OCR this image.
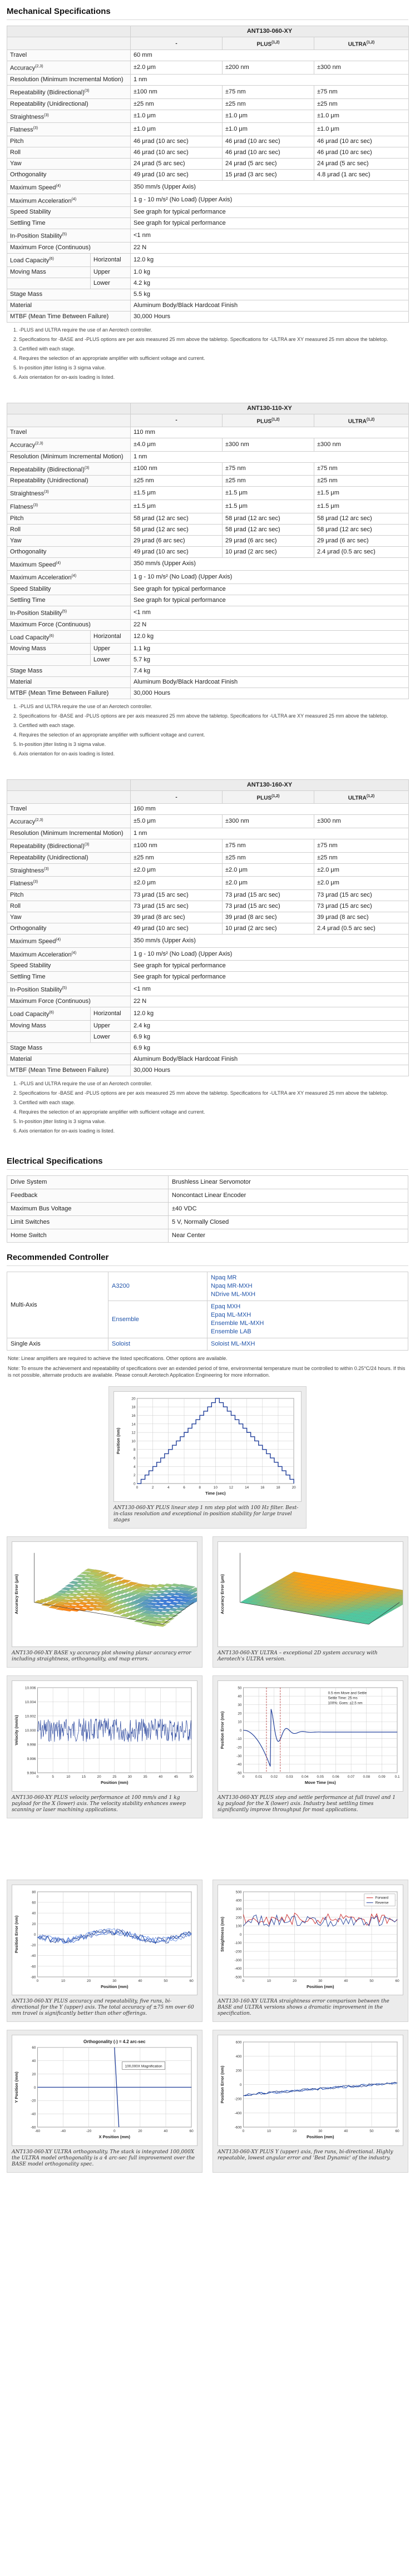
Mechanical Specifications
		ANT130-060-XY		
		-	PLUS$^{(1,2)}$	ULTRA$^{(1,2)}$
Travel		60 mm		
Accuracy$^{(2,3)}$		±2.0 μm	±200 nm	±300 nm
Resolution (Minimum Incremental Motion)		1 nm		
Repeatability (Bidirectional)$^{(3)}$		±100 nm	±75 nm	±75 nm
Repeatability (Unidirectional)		±25 nm	±25 nm	±25 nm
Straightness$^{(3)}$		±1.0 μm	±1.0 μm	±1.0 μm
Flatness$^{(3)}$		±1.0 μm	±1.0 μm	±1.0 μm
Pitch		46 μrad (10 arc sec)	46 μrad (10 arc sec)	46 μrad (10 arc sec)
Roll		46 μrad (10 arc sec)	46 μrad (10 arc sec)	46 μrad (10 arc sec)
Yaw		24 μrad (5 arc sec)	24 μrad (5 arc sec)	24 μrad (5 arc sec)
Orthogonality		49 μrad (10 arc sec)	15 μrad (3 arc sec)	4.8 μrad (1 arc sec)
Maximum Speed$^{(4)}$		350 mm/s (Upper Axis)		
Maximum Acceleration$^{(4)}$		1 g - 10 m/s² (No Load) (Upper Axis)		
Speed Stability		See graph for typical performance		
Settling Time		See graph for typical performance		
In-Position Stability$^{(5)}$		<1 nm		
Maximum Force (Continuous)		22 N		
Load Capacity$^{(6)}$	Horizontal	12.0 kg		
Moving Mass	Upper	1.0 kg		
	Lower	4.2 kg		
Stage Mass		5.5 kg		
Material		Aluminum Body/Black Hardcoat Finish		
MTBF (Mean Time Between Failure)		30,000 Hours		
1. -PLUS and ULTRA require the use of an Aerotech controller.
2. Specifications for -BASE and -PLUS options are per axis measured 25 mm above the tabletop. Specifications for -ULTRA are XY measured 25 mm above the tabletop.
3. Certified with each stage.
4. Requires the selection of an appropriate amplifier with sufficient voltage and current.
5. In-position jitter listing is 3 sigma value.
6. Axis orientation for on-axis loading is listed.
		ANT130-110-XY		
		-	PLUS$^{(1,2)}$	ULTRA$^{(1,2)}$
Travel		110 mm		
Accuracy$^{(2,3)}$		±4.0 μm	±300 nm	±300 nm
Resolution (Minimum Incremental Motion)		1 nm		
Repeatability (Bidirectional)$^{(3)}$		±100 nm	±75 nm	±75 nm
Repeatability (Unidirectional)		±25 nm	±25 nm	±25 nm
Straightness$^{(3)}$		±1.5 μm	±1.5 μm	±1.5 μm
Flatness$^{(3)}$		±1.5 μm	±1.5 μm	±1.5 μm
Pitch		58 μrad (12 arc sec)	58 μrad (12 arc sec)	58 μrad (12 arc sec)
Roll		58 μrad (12 arc sec)	58 μrad (12 arc sec)	58 μrad (12 arc sec)
Yaw		29 μrad (6 arc sec)	29 μrad (6 arc sec)	29 μrad (6 arc sec)
Orthogonality		49 μrad (10 arc sec)	10 μrad (2 arc sec)	2.4 μrad (0.5 arc sec)
Maximum Speed$^{(4)}$		350 mm/s (Upper Axis)		
Maximum Acceleration$^{(4)}$		1 g - 10 m/s² (No Load) (Upper Axis)		
Speed Stability		See graph for typical performance		
Settling Time		See graph for typical performance		
In-Position Stability$^{(5)}$		<1 nm		
Maximum Force (Continuous)		22 N		
Load Capacity$^{(6)}$	Horizontal	12.0 kg		
Moving Mass	Upper	1.1 kg		
	Lower	5.7 kg		
Stage Mass		7.4 kg		
Material		Aluminum Body/Black Hardcoat Finish		
MTBF (Mean Time Between Failure)		30,000 Hours		
1. -PLUS and ULTRA require the use of an Aerotech controller.
2. Specifications for -BASE and -PLUS options are per axis measured 25 mm above the tabletop. Specifications for -ULTRA are XY measured 25 mm above the tabletop.
3. Certified with each stage.
4. Requires the selection of an appropriate amplifier with sufficient voltage and current.
5. In-position jitter listing is 3 sigma value.
6. Axis orientation for on-axis loading is listed.
		ANT130-160-XY		
		-	PLUS$^{(1,2)}$	ULTRA$^{(1,2)}$
Travel		160 mm		
Accuracy$^{(2,3)}$		±5.0 μm	±300 nm	±300 nm
Resolution (Minimum Incremental Motion)		1 nm		
Repeatability (Bidirectional)$^{(3)}$		±100 nm	±75 nm	±75 nm
Repeatability (Unidirectional)		±25 nm	±25 nm	±25 nm
Straightness$^{(3)}$		±2.0 μm	±2.0 μm	±2.0 μm
Flatness$^{(3)}$		±2.0 μm	±2.0 μm	±2.0 μm
Pitch		73 μrad (15 arc sec)	73 μrad (15 arc sec)	73 μrad (15 arc sec)
Roll		73 μrad (15 arc sec)	73 μrad (15 arc sec)	73 μrad (15 arc sec)
Yaw		39 μrad (8 arc sec)	39 μrad (8 arc sec)	39 μrad (8 arc sec)
Orthogonality		49 μrad (10 arc sec)	10 μrad (2 arc sec)	2.4 μrad (0.5 arc sec)
Maximum Speed$^{(4)}$		350 mm/s (Upper Axis)		
Maximum Acceleration$^{(4)}$		1 g - 10 m/s² (No Load) (Upper Axis)		
Speed Stability		See graph for typical performance		
Settling Time		See graph for typical performance		
In-Position Stability$^{(5)}$		<1 nm		
Maximum Force (Continuous)		22 N		
Load Capacity$^{(6)}$	Horizontal	12.0 kg		
Moving Mass	Upper	2.4 kg		
	Lower	6.9 kg		
Stage Mass		6.9 kg		
Material		Aluminum Body/Black Hardcoat Finish		
MTBF (Mean Time Between Failure)		30,000 Hours		
1. -PLUS and ULTRA require the use of an Aerotech controller.
2. Specifications for -BASE and -PLUS options are per axis measured 25 mm above the tabletop. Specifications for -ULTRA are XY measured 25 mm above the tabletop.
3. Certified with each stage.
4. Requires the selection of an appropriate amplifier with sufficient voltage and current.
5. In-position jitter listing is 3 sigma value.
6. Axis orientation for on-axis loading is listed.
Electrical Specifications
Drive System	Brushless Linear Servomotor
Feedback	Noncontact Linear Encoder
Maximum Bus Voltage	±40 VDC
Limit Switches	5 V, Normally Closed
Home Switch	Near Center
Recommended Controller
Multi-Axis	A3200	Npaq MR
Npaq MR-MXH
NDrive ML-MXH

	Ensemble	Epaq MXH
Epaq ML-MXH
Ensemble ML-MXH
Ensemble LAB

Single Axis	Soloist	Soloist ML-MXH

Note: Linear amplifiers are required to achieve the listed specifications. Other options are available.

Note: To ensure the achievement and repeatability of specifications over an extended period of time, environmental temperature must be controlled to within 0.25°C/24 hours. If this is not possible, alternate products are available. Please consult Aerotech Application Engineering for more information.

20
18
16
14
12
10
8
6
4
2
0
0	2	4	6	8	10	12	14	16	18	20
Time (sec)
Position (nm)

ANT130-060-XY PLUS linear step 1 nm step plot with 100 Hz filter. Best-in-class resolution and exceptional in-position stability for large travel stages

Accuracy Error (μm)

ANT130-060-XY BASE xy accuracy plot showing planar accuracy error including straightness, orthogonality, and map errors.

Accuracy Error (μm)

ANT130-060-XY ULTRA – exceptional 2D system accuracy with Aerotech's ULTRA version.

10.006
10.004
10.002
10.000
9.998
9.996
9.994
0	5	10	15	20	25	30	35	40	45	50
Position (mm)
Velocity (mm/s)

ANT130-060-XY PLUS velocity performance at 100 mm/s and 1 kg payload for the X (lower) axis. The velocity stability enhances sweep scanning or laser machining applications.

50
40
30
20
10
0
-10
-20
-30
-40
-50
0	0.01 0.02 0.03 0.04 0.05 0.06 0.07 0.08 0.09	0.1
Move Time (ms)
Position Error (nm)
0.5 mm Move and Settle
Settle Time: 25 ms
100%: Goes: ±2.5 nm

ANT130-060-XY PLUS step and settle performance at full travel and 1 kg payload for the X (lower) axis. Industry best settling times significantly improve throughput for most applications.

80
60
40
20
0
-20
-40
-60
-80
0	10	20	30	40	50	60
Position (mm)
Position Error (nm)

ANT130-060-XY PLUS accuracy and repeatability, five runs, bi-directional for the Y (upper) axis. The total accuracy of ±75 nm over 60 mm travel is significantly better than other offerings.

500
400
300
200
100
0
-100
-200
-300
-400
-500
0	10	20	30	40	50	60
Position (mm)
Straightness (nm)
Forward
Reverse

ANT130-160-XY ULTRA straightness error comparison between the BASE and ULTRA versions shows a dramatic improvement in the specification.

60
40
20
0
-20
-40
-60
-60	-40	-20	0	20	40	60
X Position (mm)
Y Position (mm)
Orthogonality (-) = 4.2 arc-sec
100,000X Magnification

ANT130-060-XY ULTRA orthogonality. The stack is integrated 100,000X the ULTRA model orthogonality is a 4 arc-sec full improvement over the BASE model orthogonality spec.

600
400
200
0
-200
-400
-600
0	10	20	30	40	50	60
Position (mm)
Position Error (nm)

ANT130-060-XY PLUS Y (upper) axis, five runs, bi-directional. Highly repeatable, lowest angular error and 'Best Dynamic' of the industry.
